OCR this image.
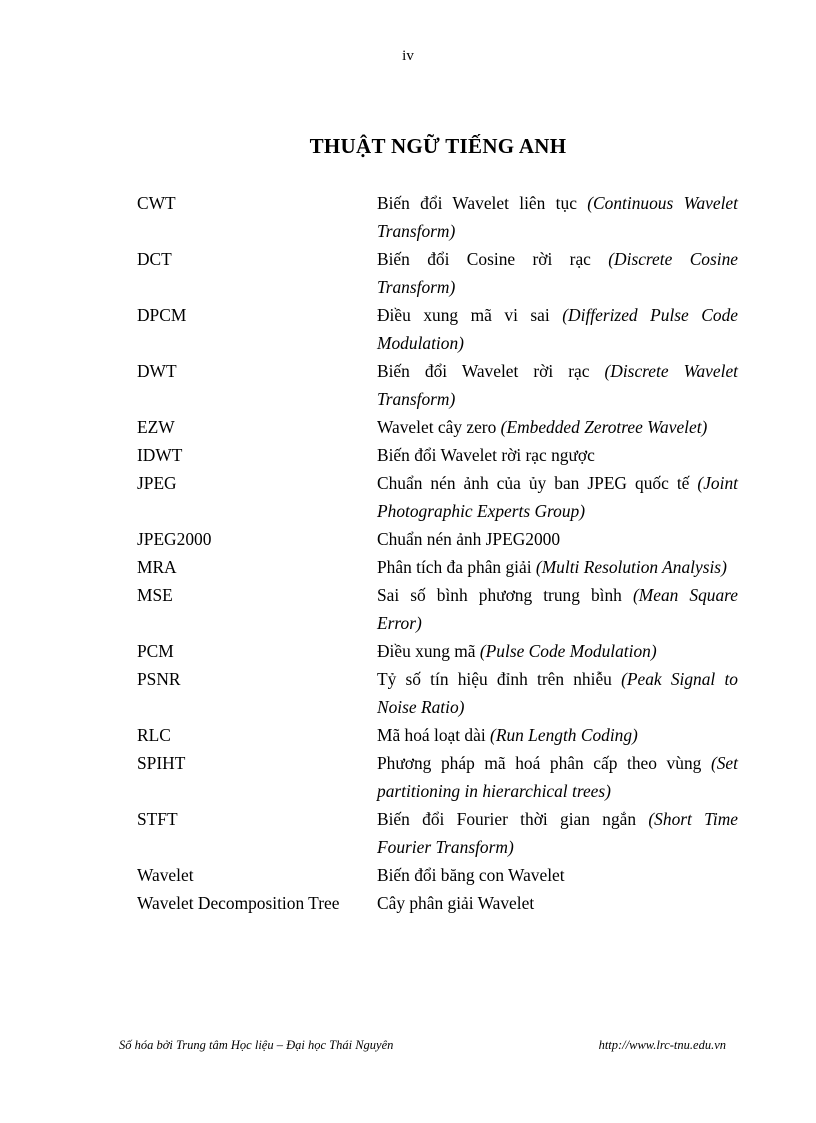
iv
THUẬT NGỮ TIẾNG ANH
CWT	Biến đổi Wavelet liên tục (Continuous Wavelet Transform)
DCT	Biến đổi Cosine rời rạc (Discrete Cosine Transform)
DPCM	Điều xung mã vi sai (Differized Pulse Code Modulation)
DWT	Biến đổi Wavelet rời rạc (Discrete Wavelet Transform)
EZW	Wavelet cây zero (Embedded Zerotree Wavelet)
IDWT	Biến đổi Wavelet rời rạc ngược
JPEG	Chuẩn nén ảnh của ủy ban JPEG quốc tế (Joint Photographic Experts Group)
JPEG2000	Chuẩn nén ảnh JPEG2000
MRA	Phân tích đa phân giải (Multi Resolution Analysis)
MSE	Sai số bình phương trung bình (Mean Square Error)
PCM	Điều xung mã (Pulse Code Modulation)
PSNR	Tỷ số tín hiệu đỉnh trên nhiễu (Peak Signal to Noise Ratio)
RLC	Mã hoá loạt dài (Run Length Coding)
SPIHT	Phương pháp mã hoá phân cấp theo vùng (Set partitioning in hierarchical trees)
STFT	Biến đổi Fourier thời gian ngắn (Short Time Fourier Transform)
Wavelet	Biến đổi băng con Wavelet
Wavelet Decomposition Tree	Cây phân giải Wavelet
Số hóa bởi Trung tâm Học liệu – Đại học Thái Nguyên	http://www.lrc-tnu.edu.vn
